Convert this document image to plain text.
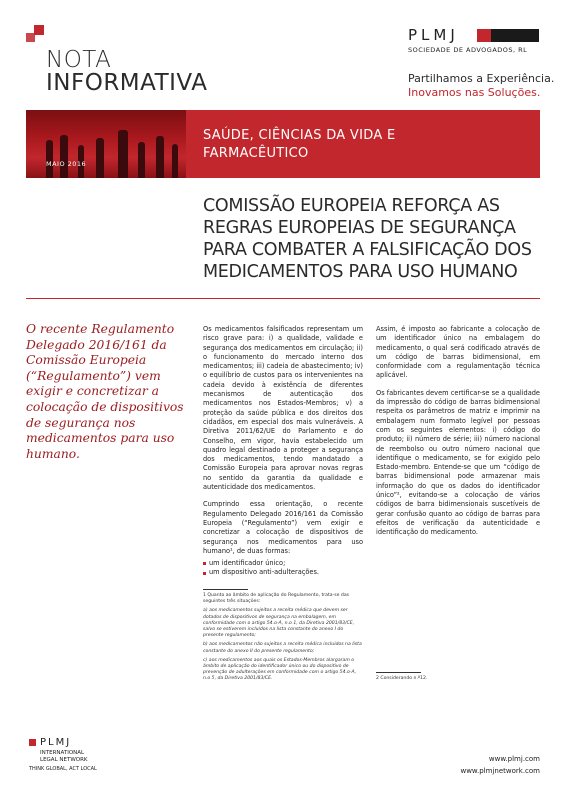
NOTA
INFORMATIVA
PLMJ
SOCIEDADE DE ADVOGADOS, RL
Partilhamos a Experiência.
Inovamos nas Soluções.
SAÚDE, CIÊNCIAS DA VIDA E
FARMACÊUTICO
MAIO 2016
COMISSÃO EUROPEIA REFORÇA AS
REGRAS EUROPEIAS DE SEGURANÇA
PARA COMBATER A FALSIFICAÇÃO DOS
MEDICAMENTOS PARA USO HUMANO
O recente Regulamento Delegado 2016/161 da Comissão Europeia (“Regulamento”) vem exigir e concretizar a colocação de dispositivos de segurança nos medicamentos para uso humano.

Os medicamentos falsificados representam um risco grave para: i) a qualidade, validade e segurança dos medicamentos em circulação; ii) o funcionamento do mercado interno dos medicamentos; iii) cadeia de abastecimento; iv) o equilíbrio de custos para os intervenientes na cadeia devido à existência de diferentes mecanismos de autenticação dos medicamentos nos Estados-Membros; v) a proteção da saúde pública e dos direitos dos cidadãos, em especial dos mais vulneráveis. A Diretiva 2011/62/UE do Parlamento e do Conselho, em vigor, havia estabelecido um quadro legal destinado a proteger a segurança dos medicamentos, tendo mandatado a Comissão Europeia para aprovar novas regras no sentido da garantia da qualidade e autenticidade dos medicamentos.

Cumprindo essa orientação, o recente Regulamento Delegado 2016/161 da Comissão Europeia (“Regulamento”) vem exigir e concretizar a colocação de dispositivos de segurança nos medicamentos para uso humano¹, de duas formas:

um identificador único;
um dispositivo anti-adulterações.

Assim, é imposto ao fabricante a colocação de um identificador único na embalagem do medicamento, o qual será codificado através de um código de barras bidimensional, em conformidade com a regulamentação técnica aplicável.

Os fabricantes devem certificar-se se a qualidade da impressão do código de barras bidimensional respeita os parâmetros de matriz e imprimir na embalagem num formato legível por pessoas com os seguintes elementos: i) código do produto; ii) número de série; iii) número nacional de reembolso ou outro número nacional que identifique o medicamento, se for exigido pelo Estado-membro. Entende-se que um “código de barras bidimensional pode armazenar mais informação do que os dados do identificador único”², evitando-se a colocação de vários códigos de barra bidimensionais suscetíveis de gerar confusão quanto ao código de barras para efeitos de verificação da autenticidade e identificação do medicamento.

1 Quanto ao âmbito de aplicação do Regulamento, trata-se das seguintes três situações:

a) aos medicamentos sujeitos a receita médica que devem ser dotados de dispositivos de segurança na embalagem, em conformidade com o artigo 54.o-A, n.o 1, da Diretiva 2001/83/CE, salvo se estiverem incluídos na lista constante do anexo I do presente regulamento;

b) aos medicamentos não sujeitos a receita médica incluídos na lista constante do anexo II do presente regulamento;

c) aos medicamentos aos quais os Estados-Membros alargaram o âmbito de aplicação do identificador único ou do dispositivo de prevenção de adulterações em conformidade com o artigo 54.o-A, n.o 5, da Diretiva 2001/83/CE.	2 Considerando n.º12.
PLMJ
INTERNATIONAL
LEGAL NETWORK
THINK GLOBAL, ACT LOCAL
www.plmj.com
www.plmjnetwork.com
